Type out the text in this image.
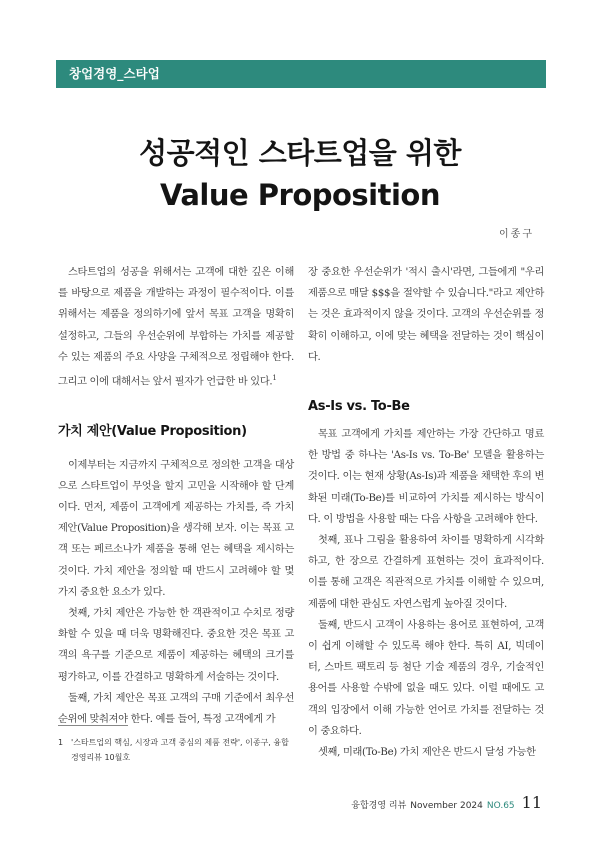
창업경영_스타업
성공적인 스타트업을 위한
Value Proposition
이종구

스타트업의 성공을 위해서는 고객에 대한 깊은 이해를 바탕으로 제품을 개발하는 과정이 필수적이다. 이를 위해서는 제품을 정의하기에 앞서 목표 고객을 명확히 설정하고, 그들의 우선순위에 부합하는 가치를 제공할 수 있는 제품의 주요 사양을 구체적으로 정립해야 한다. 그리고 이에 대해서는 앞서 필자가 언급한 바 있다.$^1$

가치 제안(Value Proposition)

이제부터는 지금까지 구체적으로 정의한 고객을 대상으로 스타트업이 무엇을 할지 고민을 시작해야 할 단계이다. 먼저, 제품이 고객에게 제공하는 가치를, 즉 가치 제안(Value Proposition)을 생각해 보자. 이는 목표 고객 또는 페르소나가 제품을 통해 얻는 혜택을 제시하는 것이다. 가치 제안을 정의할 때 반드시 고려해야 할 몇 가지 중요한 요소가 있다.

첫째, 가치 제안은 가능한 한 객관적이고 수치로 정량화할 수 있을 때 더욱 명확해진다. 중요한 것은 목표 고객의 욕구를 기준으로 제품이 제공하는 혜택의 크기를 평가하고, 이를 간결하고 명확하게 서술하는 것이다.

둘째, 가치 제안은 목표 고객의 구매 기준에서 최우선 순위에 맞춰져야 한다. 예를 들어, 특정 고객에게 가

장 중요한 우선순위가 '적시 출시'라면, 그들에게 "우리 제품으로 매달 $$$을 절약할 수 있습니다."라고 제안하는 것은 효과적이지 않을 것이다. 고객의 우선순위를 정확히 이해하고, 이에 맞는 혜택을 전달하는 것이 핵심이다.

As-Is vs. To-Be

목표 고객에게 가치를 제안하는 가장 간단하고 명료한 방법 중 하나는 'As-Is vs. To-Be' 모델을 활용하는 것이다. 이는 현재 상황(As-Is)과 제품을 채택한 후의 변화된 미래(To-Be)를 비교하여 가치를 제시하는 방식이다. 이 방법을 사용할 때는 다음 사항을 고려해야 한다.

첫째, 표나 그림을 활용하여 차이를 명확하게 시각화하고, 한 장으로 간결하게 표현하는 것이 효과적이다. 이를 통해 고객은 직관적으로 가치를 이해할 수 있으며, 제품에 대한 관심도 자연스럽게 높아질 것이다.

둘째, 반드시 고객이 사용하는 용어로 표현하여, 고객이 쉽게 이해할 수 있도록 해야 한다. 특히 AI, 빅데이터, 스마트 팩토리 등 첨단 기술 제품의 경우, 기술적인 용어를 사용할 수밖에 없을 때도 있다. 이럴 때에도 고객의 입장에서 이해 가능한 언어로 가치를 전달하는 것이 중요하다.

셋째, 미래(To-Be) 가치 제안은 반드시 달성 가능한

1 '스타트업의 핵심, 시장과 고객 중심의 제품 전략', 이종구, 융합경영리뷰 10월호
융합경영 리뷰 November 2024 NO.65 11
